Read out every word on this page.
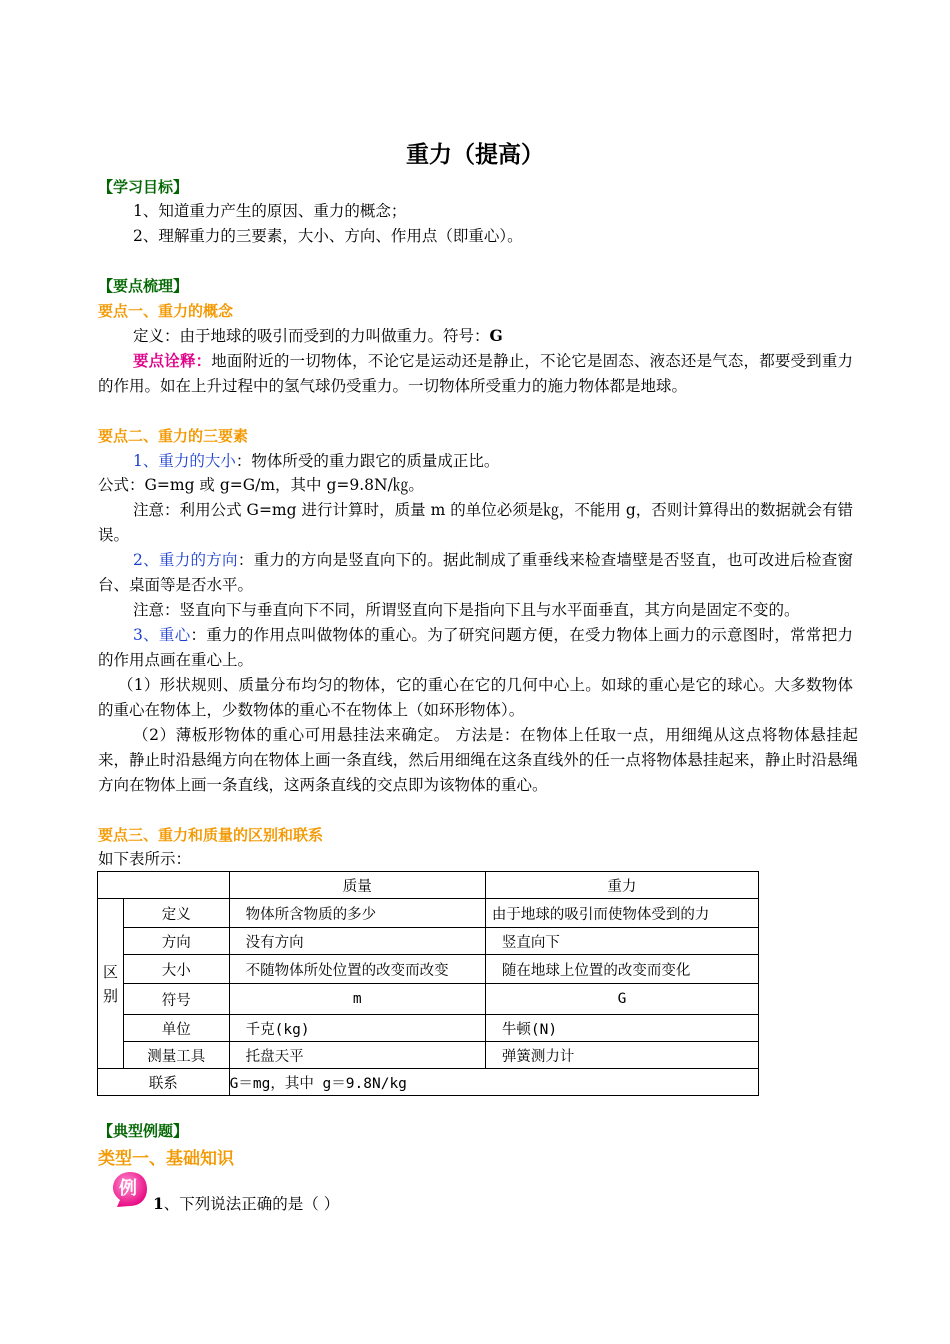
重力（提高）
【学习目标】
1、知道重力产生的原因、重力的概念；
2、理解重力的三要素，大小、方向、作用点（即重心）。
【要点梳理】
要点一、重力的概念
定义：由于地球的吸引而受到的力叫做重力。符号：G
要点诠释：地面附近的一切物体，不论它是运动还是静止，不论它是固态、液态还是气态，都要受到重力的作用。如在上升过程中的氢气球仍受重力。一切物体所受重力的施力物体都是地球。
要点二、重力的三要素
1、重力的大小：物体所受的重力跟它的质量成正比。
公式：G=mg 或 g=G/m，其中 g=9.8N/㎏。
注意：利用公式 G=mg 进行计算时，质量 m 的单位必须是㎏，不能用 g，否则计算得出的数据就会有错误。
2、重力的方向：重力的方向是竖直向下的。据此制成了重垂线来检查墙壁是否竖直，也可改进后检查窗台、桌面等是否水平。
注意：竖直向下与垂直向下不同，所谓竖直向下是指向下且与水平面垂直，其方向是固定不变的。
3、重心：重力的作用点叫做物体的重心。为了研究问题方便，在受力物体上画力的示意图时，常常把力的作用点画在重心上。
（1）形状规则、质量分布均匀的物体，它的重心在它的几何中心上。如球的重心是它的球心。大多数物体的重心在物体上，少数物体的重心不在物体上（如环形物体）。
（2）薄板形物体的重心可用悬挂法来确定。 方法是：在物体上任取一点，用细绳从这点将物体悬挂起来，静止时沿悬绳方向在物体上画一条直线，然后用细绳在这条直线外的任一点将物体悬挂起来，静止时沿悬绳方向在物体上画一条直线，这两条直线的交点即为该物体的重心。
要点三、重力和质量的区别和联系
如下表所示：
		质量	重力
区别	定义	物体所含物质的多少	由于地球的吸引而使物体受到的力
	方向	没有方向	竖直向下
	大小	不随物体所处位置的改变而改变	随在地球上位置的改变而变化
	符号	m	G
	单位	千克(kg)	牛顿(N)
	测量工具	托盘天平	弹簧测力计
联系		G＝mg，其中 g＝9.8N/kg	
【典型例题】
类型一、基础知识
例
1、下列说法正确的是（ ）
